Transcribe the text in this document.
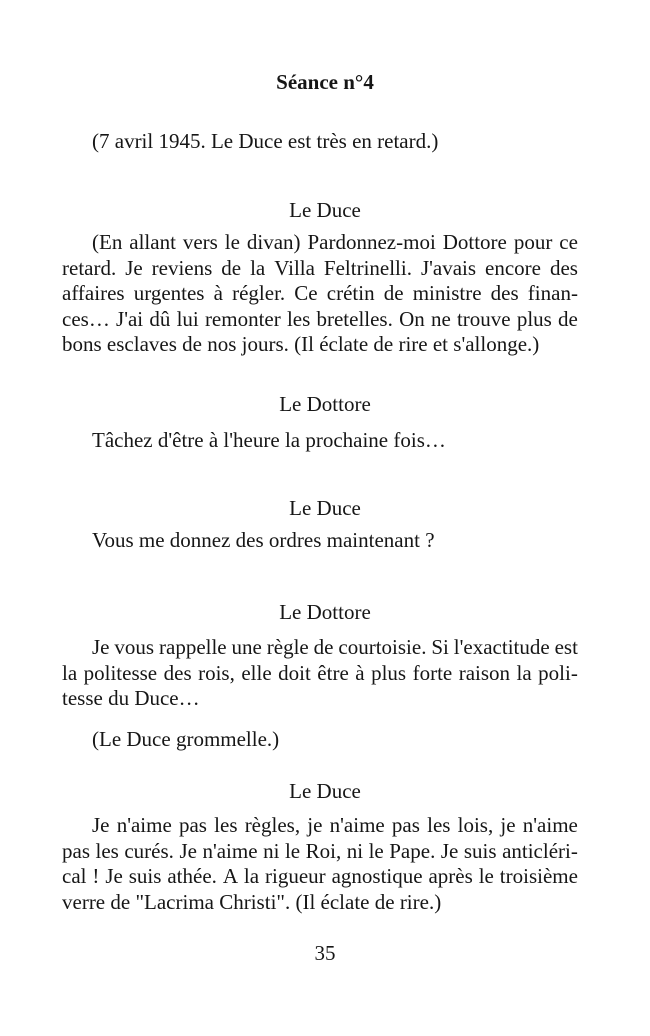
Séance n°4
(7 avril 1945. Le Duce est très en retard.)
Le Duce
(En allant vers le divan) Pardonnez-moi Dottore pour ce
retard. Je reviens de la Villa Feltrinelli. J'avais encore des
affaires urgentes à régler. Ce crétin de ministre des finan-
ces… J'ai dû lui remonter les bretelles. On ne trouve plus de
bons esclaves de nos jours. (Il éclate de rire et s'allonge.)
Le Dottore
Tâchez d'être à l'heure la prochaine fois…
Le Duce
Vous me donnez des ordres maintenant ?
Le Dottore
Je vous rappelle une règle de courtoisie. Si l'exactitude est
la politesse des rois, elle doit être à plus forte raison la poli-
tesse du Duce…
(Le Duce grommelle.)
Le Duce
Je n'aime pas les règles, je n'aime pas les lois, je n'aime
pas les curés. Je n'aime ni le Roi, ni le Pape. Je suis anticléri-
cal ! Je suis athée. A la rigueur agnostique après le troisième
verre de "Lacrima Christi". (Il éclate de rire.)
35
